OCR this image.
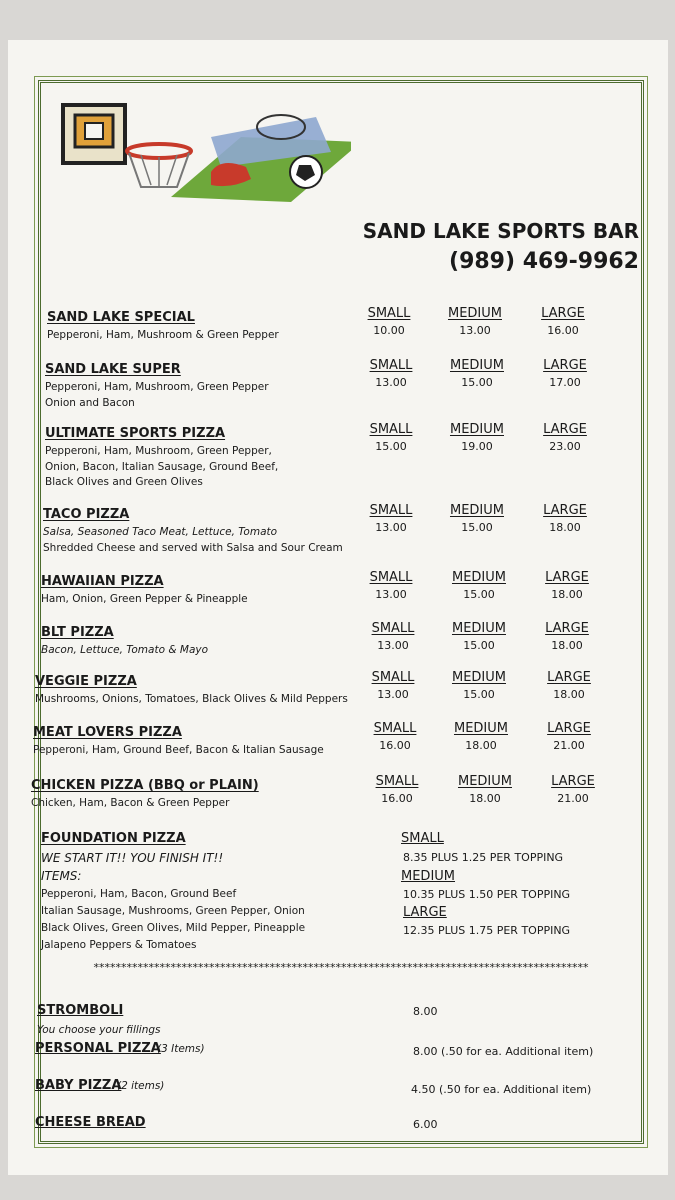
SAND LAKE SPORTS BAR
(989) 469-9962
SAND LAKE SPECIAL
Pepperoni, Ham, Mushroom & Green Pepper
SMALL
10.00
MEDIUM
13.00
LARGE
16.00
SAND LAKE SUPER
Pepperoni, Ham, Mushroom, Green Pepper
Onion and Bacon
SMALL
13.00
MEDIUM
15.00
LARGE
17.00
ULTIMATE SPORTS PIZZA
Pepperoni, Ham, Mushroom, Green Pepper,
Onion, Bacon, Italian Sausage, Ground Beef,
Black Olives and Green Olives
SMALL
15.00
MEDIUM
19.00
LARGE
23.00
TACO PIZZA
Salsa, Seasoned Taco Meat, Lettuce, Tomato
Shredded Cheese and served with Salsa and Sour Cream
SMALL
13.00
MEDIUM
15.00
LARGE
18.00
HAWAIIAN PIZZA
Ham, Onion, Green Pepper & Pineapple
SMALL
13.00
MEDIUM
15.00
LARGE
18.00
BLT PIZZA
Bacon, Lettuce, Tomato & Mayo
SMALL
13.00
MEDIUM
15.00
LARGE
18.00
VEGGIE PIZZA
Mushrooms, Onions, Tomatoes, Black Olives & Mild Peppers
SMALL
13.00
MEDIUM
15.00
LARGE
18.00
MEAT LOVERS PIZZA
Pepperoni, Ham, Ground Beef, Bacon & Italian Sausage
SMALL
16.00
MEDIUM
18.00
LARGE
21.00
CHICKEN PIZZA (BBQ or PLAIN)
Chicken, Ham, Bacon & Green Pepper
SMALL
16.00
MEDIUM
18.00
LARGE
21.00
FOUNDATION PIZZA
WE START IT!! YOU FINISH IT!!
ITEMS:
Pepperoni, Ham, Bacon, Ground Beef
Italian Sausage, Mushrooms, Green Pepper, Onion
Black Olives, Green Olives, Mild Pepper, Pineapple
Jalapeno Peppers & Tomatoes
SMALL
8.35 PLUS 1.25 PER TOPPING
MEDIUM
10.35 PLUS 1.50 PER TOPPING
LARGE
12.35 PLUS 1.75 PER TOPPING
******************************************************************************************
STROMBOLI
You choose your fillings
8.00
PERSONAL PIZZA
(3 Items)	8.00 (.50 for ea. Additional item)
BABY PIZZA
(2 items)	4.50 (.50 for ea. Additional item)
CHEESE BREAD	6.00
